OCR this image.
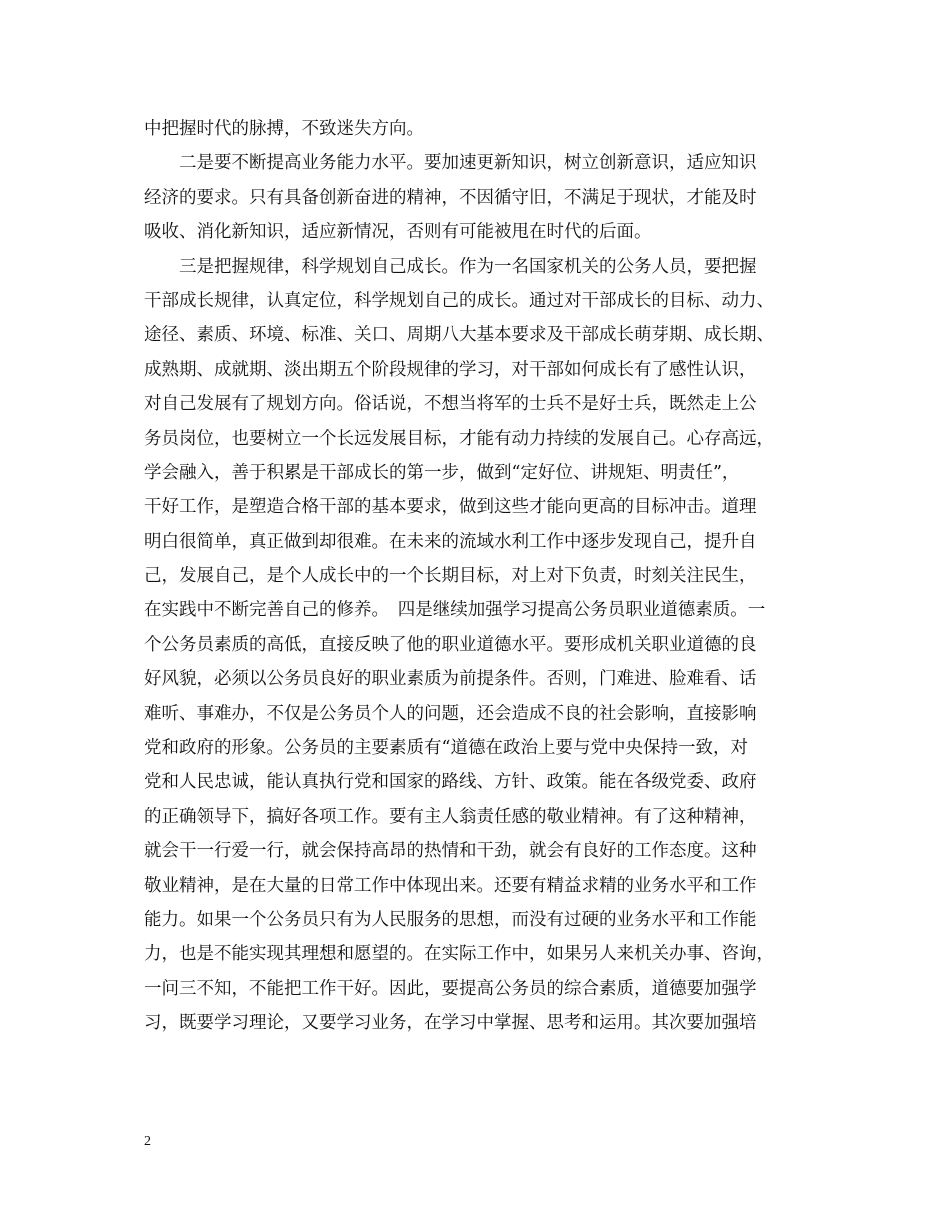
中把握时代的脉搏，不致迷失方向。
　　二是要不断提高业务能力水平。要加速更新知识，树立创新意识，适应知识
经济的要求。只有具备创新奋进的精神，不因循守旧，不满足于现状，才能及时
吸收、消化新知识，适应新情况，否则有可能被甩在时代的后面。
　　三是把握规律，科学规划自己成长。作为一名国家机关的公务人员，要把握
干部成长规律，认真定位，科学规划自己的成长。通过对干部成长的目标、动力、
途径、素质、环境、标准、关口、周期八大基本要求及干部成长萌芽期、成长期、
成熟期、成就期、淡出期五个阶段规律的学习，对干部如何成长有了感性认识，
对自己发展有了规划方向。俗话说，不想当将军的士兵不是好士兵，既然走上公
务员岗位，也要树立一个长远发展目标，才能有动力持续的发展自己。心存高远，
学会融入，善于积累是干部成长的第一步，做到“定好位、讲规矩、明责任”，
干好工作，是塑造合格干部的基本要求，做到这些才能向更高的目标冲击。道理
明白很简单，真正做到却很难。在未来的流域水利工作中逐步发现自己，提升自
己，发展自己，是个人成长中的一个长期目标，对上对下负责，时刻关注民生，
在实践中不断完善自己的修养。　四是继续加强学习提高公务员职业道德素质。一
个公务员素质的高低，直接反映了他的职业道德水平。要形成机关职业道德的良
好风貌，必须以公务员良好的职业素质为前提条件。否则，门难进、脸难看、话
难听、事难办，不仅是公务员个人的问题，还会造成不良的社会影响，直接影响
党和政府的形象。公务员的主要素质有“道德在政治上要与党中央保持一致，对
党和人民忠诚，能认真执行党和国家的路线、方针、政策。能在各级党委、政府
的正确领导下，搞好各项工作。要有主人翁责任感的敬业精神。有了这种精神，
就会干一行爱一行，就会保持高昂的热情和干劲，就会有良好的工作态度。这种
敬业精神，是在大量的日常工作中体现出来。还要有精益求精的业务水平和工作
能力。如果一个公务员只有为人民服务的思想，而没有过硬的业务水平和工作能
力，也是不能实现其理想和愿望的。在实际工作中，如果另人来机关办事、咨询，
一问三不知，不能把工作干好。因此，要提高公务员的综合素质，道德要加强学
习，既要学习理论，又要学习业务，在学习中掌握、思考和运用。其次要加强培
2
